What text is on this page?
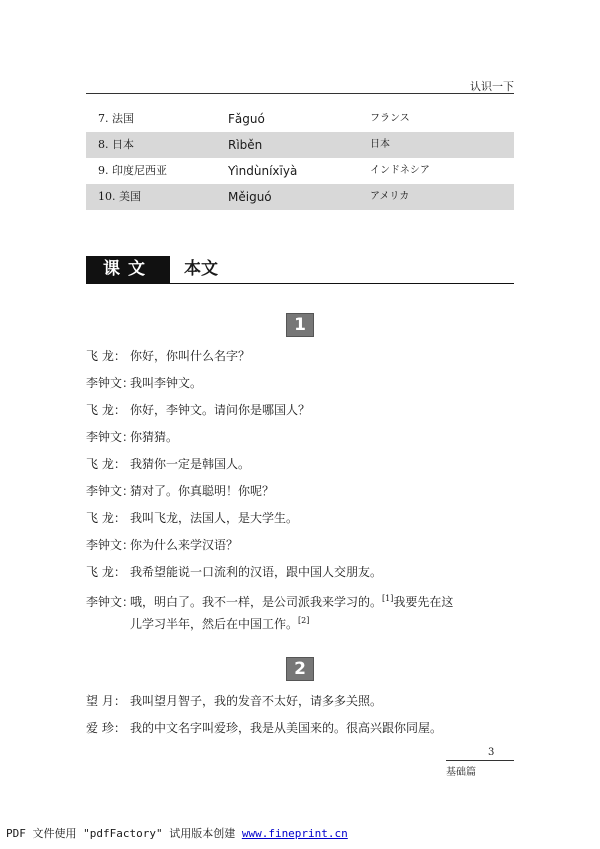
认识一下
7. 法国	Fǎguó	フランス
8. 日本	Rìběn	日本
9. 印度尼西亚	Yìndùníxīyà	インドネシア
10. 美国	Měiguó	アメリカ
课文	本文
1
飞 龙： 你好，你叫什么名字？
李钟文：我叫李钟文。
飞 龙： 你好，李钟文。请问你是哪国人？
李钟文：你猜猜。
飞 龙： 我猜你一定是韩国人。
李钟文：猜对了。你真聪明！你呢？
飞 龙： 我叫飞龙，法国人，是大学生。
李钟文：你为什么来学汉语？
飞 龙： 我希望能说一口流利的汉语，跟中国人交朋友。
李钟文：哦，明白了。我不一样，是公司派我来学习的。[1]我要先在这
儿学习半年，然后在中国工作。[2]
2
望 月： 我叫望月智子，我的发音不太好，请多多关照。
爱 珍： 我的中文名字叫爱珍，我是从美国来的。很高兴跟你同屋。
3
基础篇
PDF 文件使用 "pdfFactory" 试用版本创建 www.fineprint.cn
